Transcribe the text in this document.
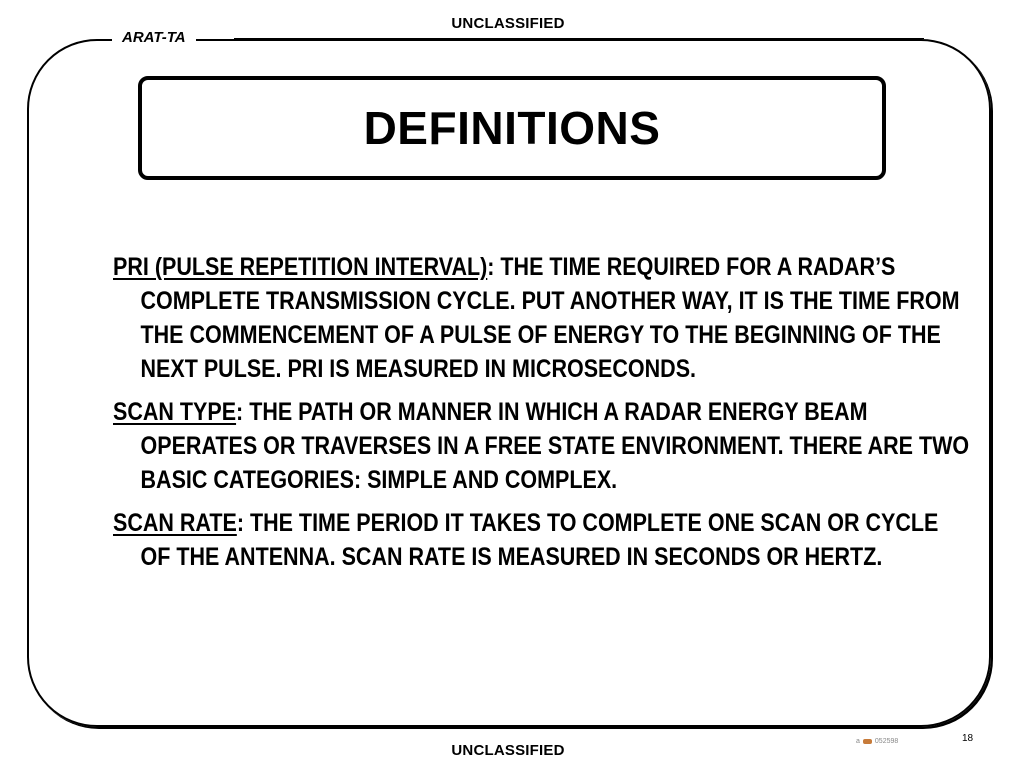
UNCLASSIFIED
ARAT-TA
DEFINITIONS

PRI (PULSE REPETITION INTERVAL): THE TIME REQUIRED FOR A RADAR’S COMPLETE TRANSMISSION CYCLE. PUT ANOTHER WAY, IT IS THE TIME FROM THE COMMENCEMENT OF A PULSE OF ENERGY TO THE BEGINNING OF THE NEXT PULSE. PRI IS MEASURED IN MICROSECONDS.

SCAN TYPE: THE PATH OR MANNER IN WHICH A RADAR ENERGY BEAM OPERATES OR TRAVERSES IN A FREE STATE ENVIRONMENT. THERE ARE TWO BASIC CATEGORIES: SIMPLE AND COMPLEX.

SCAN RATE: THE TIME PERIOD IT TAKES TO COMPLETE ONE SCAN OR CYCLE OF THE ANTENNA. SCAN RATE IS MEASURED IN SECONDS OR HERTZ.

a 052598	18
UNCLASSIFIED
